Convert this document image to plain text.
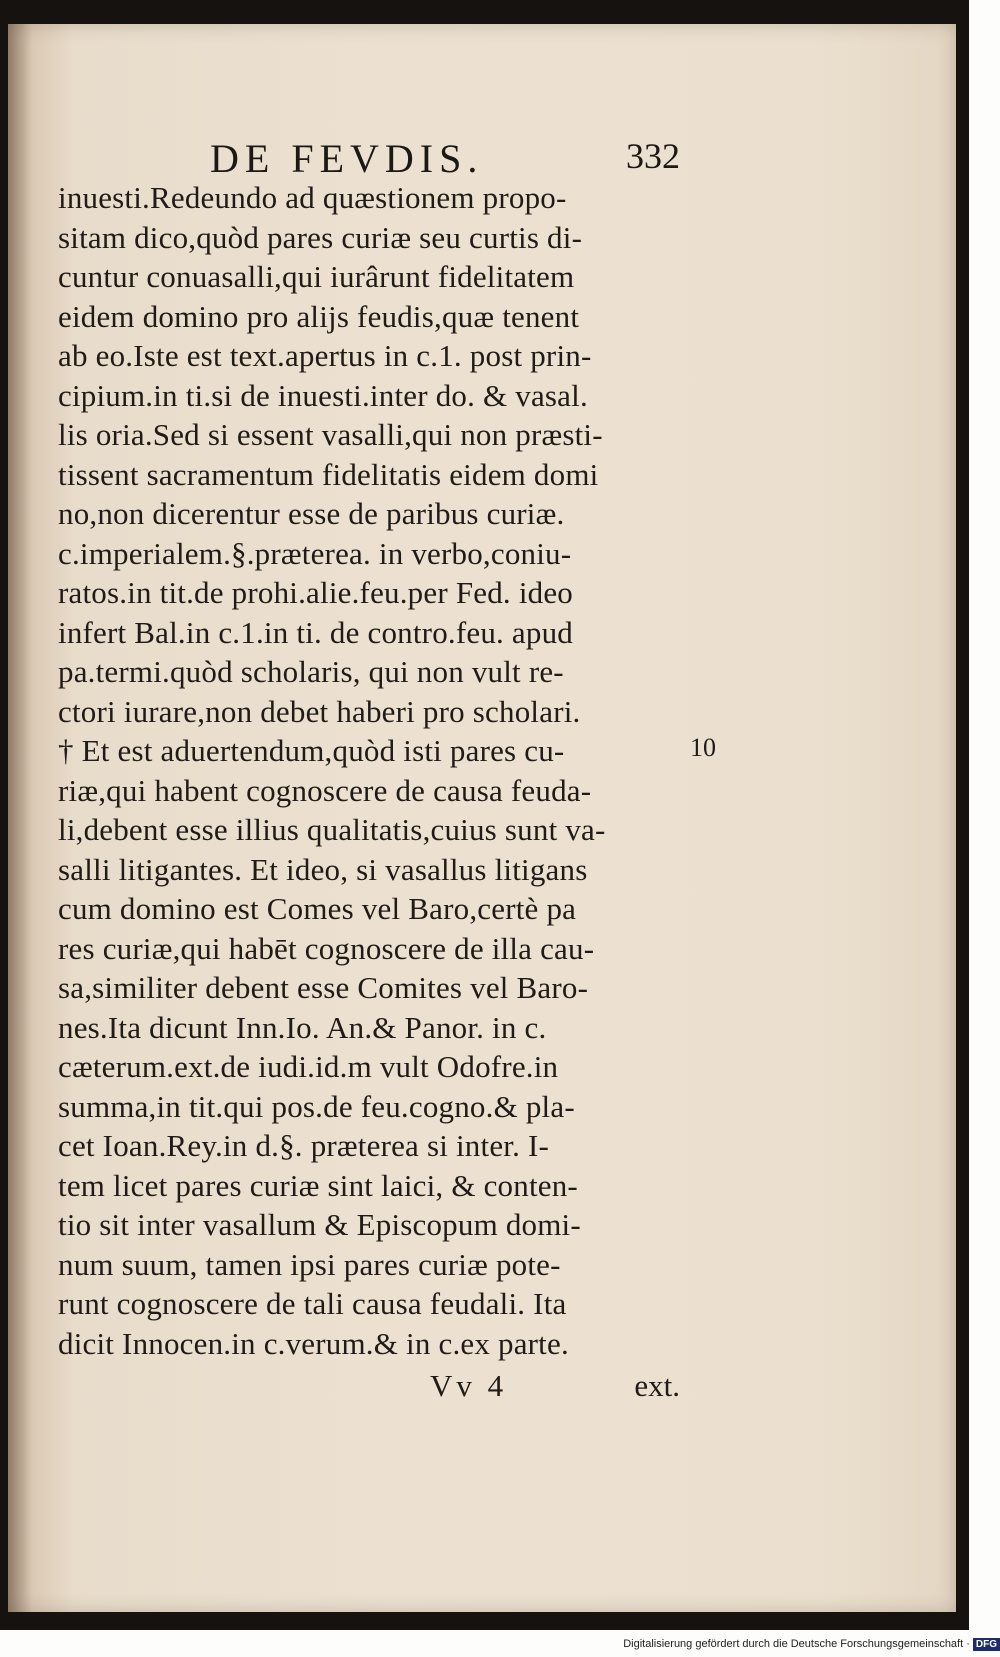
DE FEVDIS.	332
inuesti.Redeundo ad quæstionem propo-
sitam dico,quòd pares curiæ seu curtis di-
cuntur conuasalli,qui iurârunt fidelitatem
eidem domino pro alijs feudis,quæ tenent
ab eo.Iste est text.apertus in c.1. post prin-
cipium.in ti.si de inuesti.inter do. & vasal.
lis oria.Sed si essent vasalli,qui non præsti-
tissent sacramentum fidelitatis eidem domi
no,non dicerentur esse de paribus curiæ.
c.imperialem.§.præterea. in verbo,coniu-
ratos.in tit.de prohi.alie.feu.per Fed. ideo
infert Bal.in c.1.in ti. de contro.feu. apud
pa.termi.quòd scholaris, qui non vult re-
ctori iurare,non debet haberi pro scholari.
† Et est aduertendum,quòd isti pares cu-
riæ,qui habent cognoscere de causa feuda-
li,debent esse illius qualitatis,cuius sunt va-
salli litigantes. Et ideo, si vasallus litigans
cum domino est Comes vel Baro,certè pa
res curiæ,qui habēt cognoscere de illa cau-
sa,similiter debent esse Comites vel Baro-
nes.Ita dicunt Inn.Io. An.& Panor. in c.
cæterum.ext.de iudi.id.m vult Odofre.in
summa,in tit.qui pos.de feu.cogno.& pla-
cet Ioan.Rey.in d.§. præterea si inter. I-
tem licet pares curiæ sint laici, & conten-
tio sit inter vasallum & Episcopum domi-
num suum, tamen ipsi pares curiæ pote-
runt cognoscere de tali causa feudali. Ita
dicit Innocen.in c.verum.& in c.ex parte.
10
Vv 4	ext.
Digitalisierung gefördert durch die Deutsche Forschungsgemeinschaft · DFG
